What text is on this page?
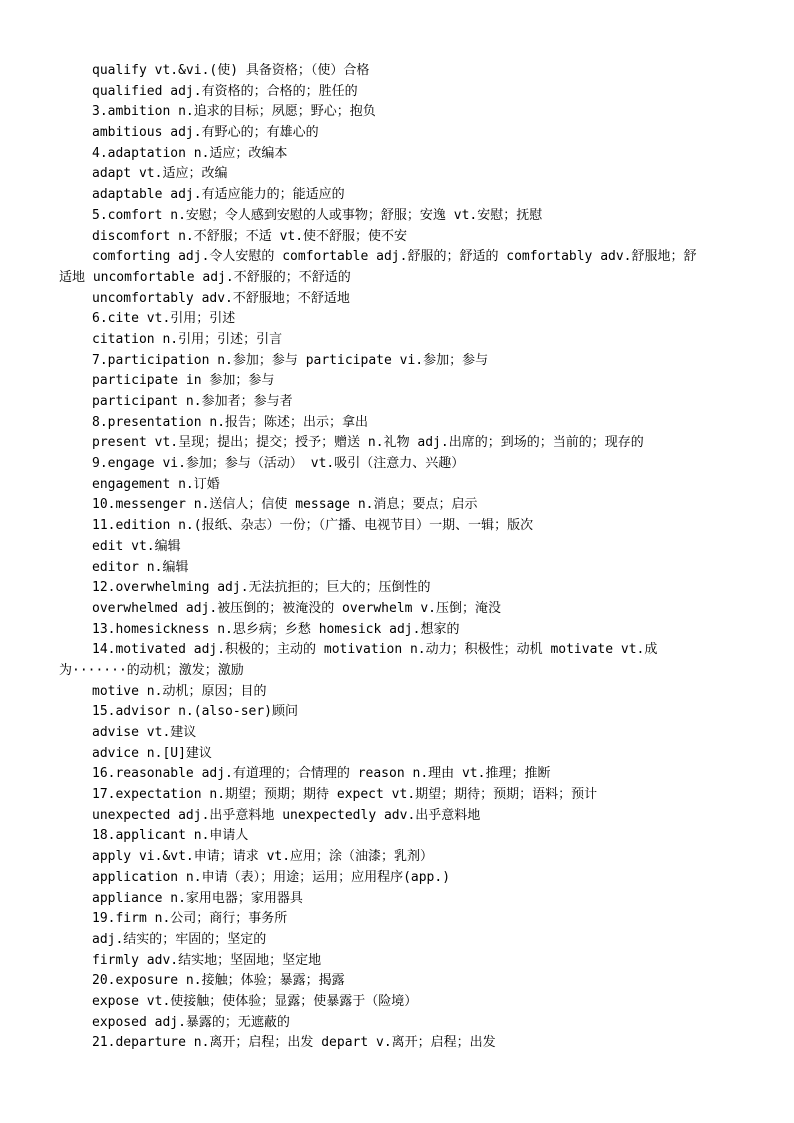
qualify vt.&vi.(使) 具备资格；（使）合格
qualified adj.有资格的；合格的；胜任的
3.ambition n.追求的目标；夙愿；野心；抱负
ambitious adj.有野心的；有雄心的
4.adaptation n.适应；改编本
adapt vt.适应；改编
adaptable adj.有适应能力的；能适应的
5.comfort n.安慰；令人感到安慰的人或事物；舒服；安逸 vt.安慰；抚慰
discomfort n.不舒服；不适 vt.使不舒服；使不安
comforting adj.令人安慰的 comfortable adj.舒服的；舒适的 comfortably adv.舒服地；舒
适地 uncomfortable adj.不舒服的；不舒适的
uncomfortably adv.不舒服地；不舒适地
6.cite vt.引用；引述
citation n.引用；引述；引言
7.participation n.参加；参与 participate vi.参加；参与
participate in 参加；参与
participant n.参加者；参与者
8.presentation n.报告；陈述；出示；拿出
present vt.呈现；提出；提交；授予；赠送 n.礼物 adj.出席的；到场的；当前的；现存的
9.engage vi.参加；参与（活动） vt.吸引（注意力、兴趣）
engagement n.订婚
10.messenger n.送信人；信使 message n.消息；要点；启示
11.edition n.(报纸、杂志）一份；（广播、电视节目）一期、一辑；版次
edit vt.编辑
editor n.编辑
12.overwhelming adj.无法抗拒的；巨大的；压倒性的
overwhelmed adj.被压倒的；被淹没的 overwhelm v.压倒；淹没
13.homesickness n.思乡病；乡愁 homesick adj.想家的
14.motivated adj.积极的；主动的 motivation n.动力；积极性；动机 motivate vt.成
为·······的动机；激发；激励
motive n.动机；原因；目的
15.advisor n.(also-ser)顾问
advise vt.建议
advice n.[U]建议
16.reasonable adj.有道理的；合情理的 reason n.理由 vt.推理；推断
17.expectation n.期望；预期；期待 expect vt.期望；期待；预期；语料；预计
unexpected adj.出乎意料地 unexpectedly adv.出乎意料地
18.applicant n.申请人
apply vi.&vt.申请；请求 vt.应用；涂（油漆；乳剂）
application n.申请（表）；用途；运用；应用程序(app.)
appliance n.家用电器；家用器具
19.firm n.公司；商行；事务所
adj.结实的；牢固的；坚定的
firmly adv.结实地；坚固地；坚定地
20.exposure n.接触；体验；暴露；揭露
expose vt.使接触；使体验；显露；使暴露于（险境）
exposed adj.暴露的；无遮蔽的
21.departure n.离开；启程；出发 depart v.离开；启程；出发
